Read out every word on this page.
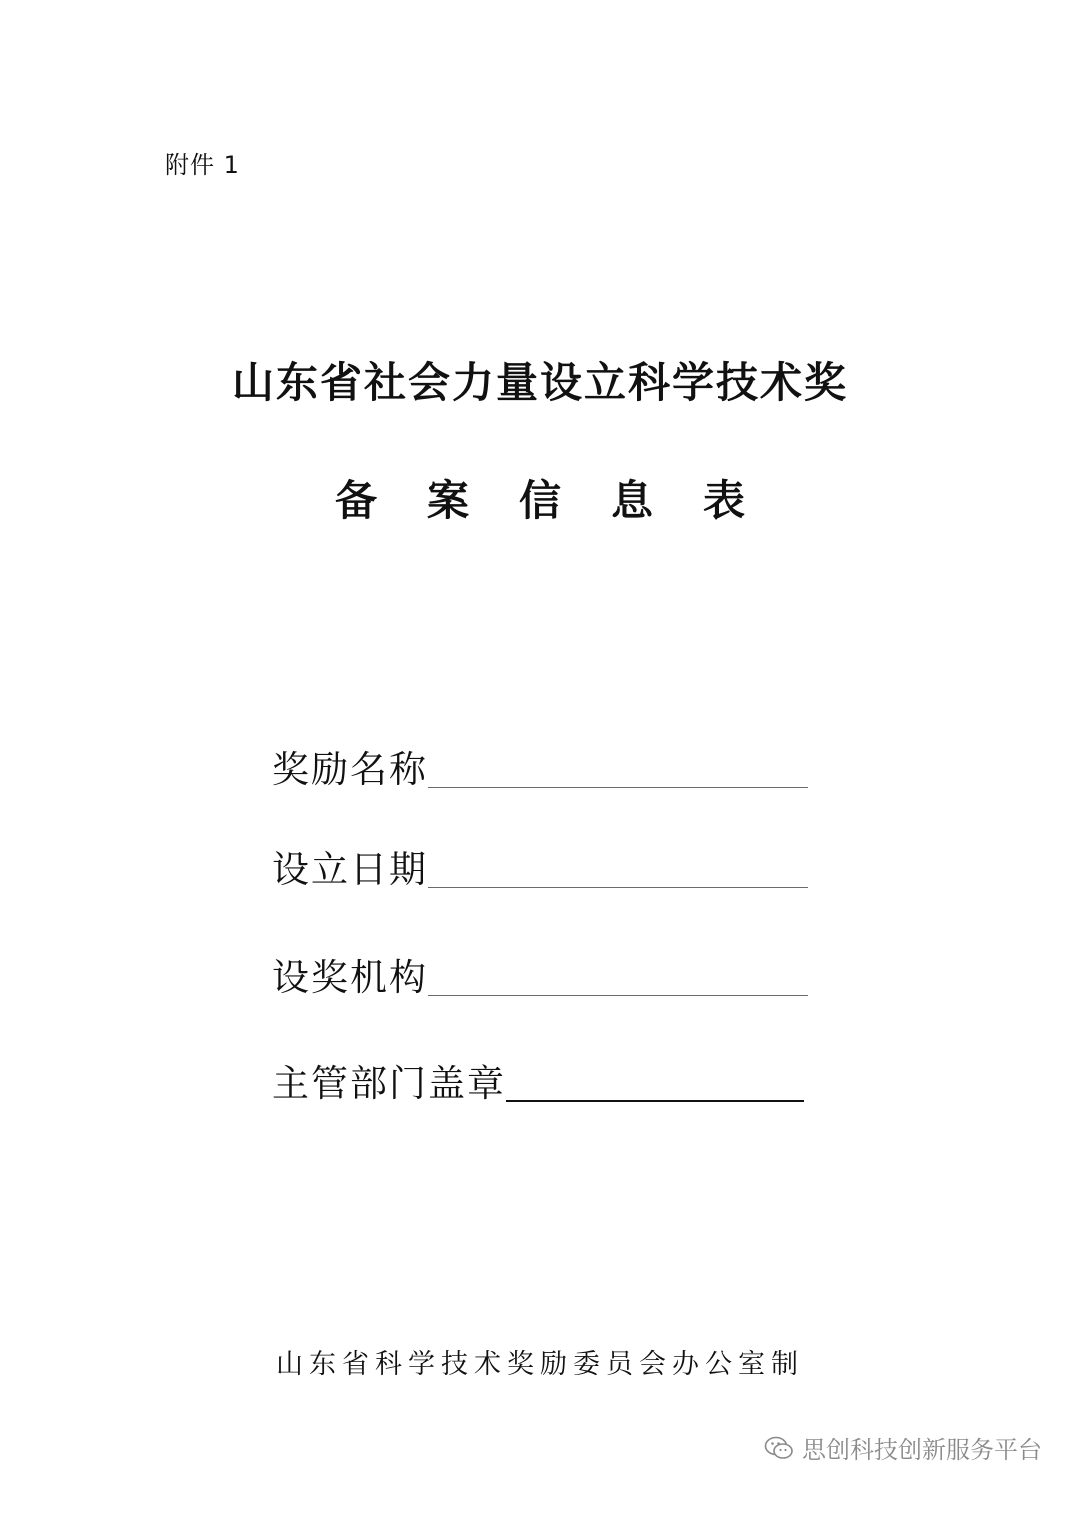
附件 1
山东省社会力量设立科学技术奖
备案信息表
奖励名称
设立日期
设奖机构
主管部门盖章
山东省科学技术奖励委员会办公室制
思创科技创新服务平台
